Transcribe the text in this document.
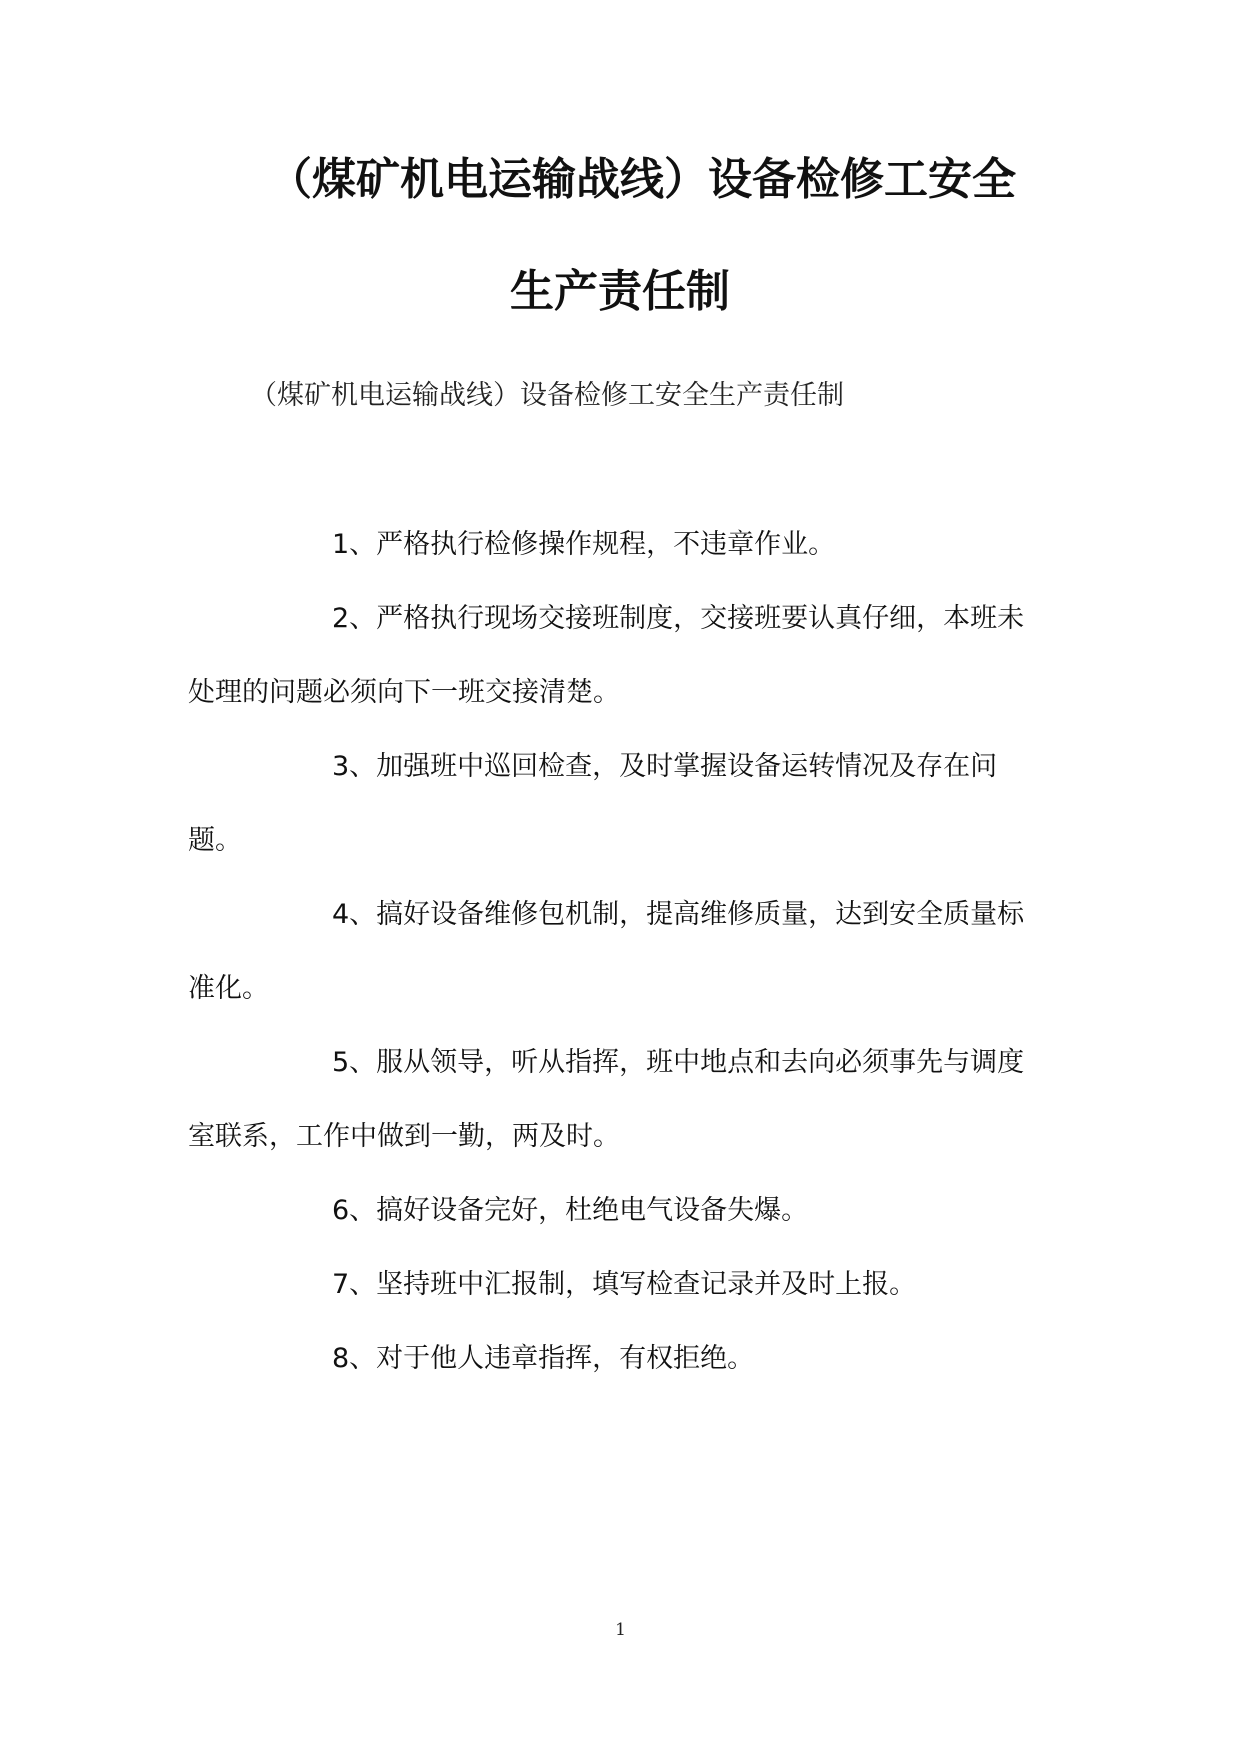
（煤矿机电运输战线）设备检修工安全
生产责任制
（煤矿机电运输战线）设备检修工安全生产责任制
1、严格执行检修操作规程，不违章作业。
2、严格执行现场交接班制度，交接班要认真仔细，本班未处理的问题必须向下一班交接清楚。
3、加强班中巡回检查，及时掌握设备运转情况及存在问题。
4、搞好设备维修包机制，提高维修质量，达到安全质量标准化。
5、服从领导，听从指挥，班中地点和去向必须事先与调度室联系，工作中做到一勤，两及时。
6、搞好设备完好，杜绝电气设备失爆。
7、坚持班中汇报制，填写检查记录并及时上报。
8、对于他人违章指挥，有权拒绝。
1
